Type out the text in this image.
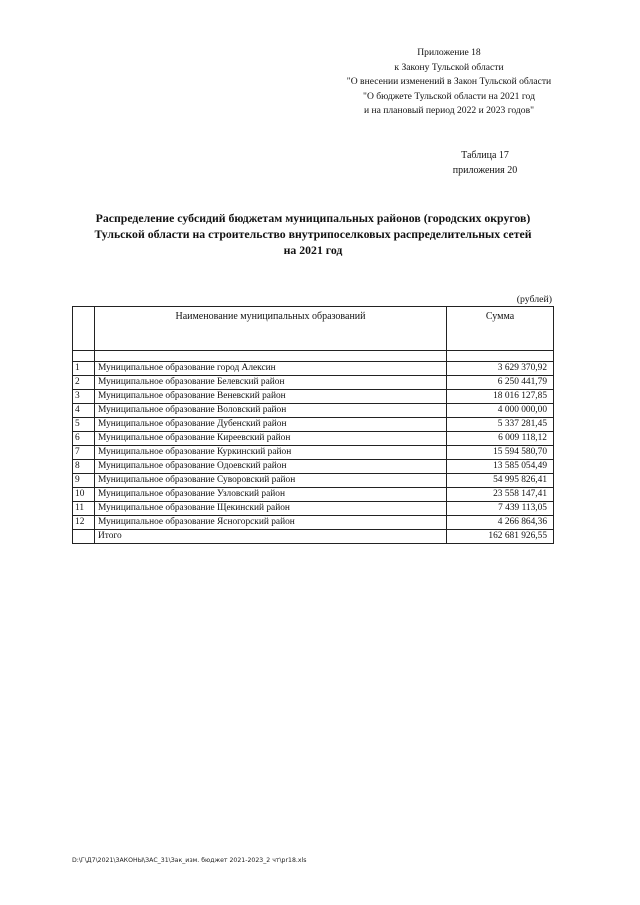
Приложение 18
к Закону Тульской области
"О внесении изменений в Закон Тульской области
"О бюджете Тульской области на 2021 год
и на плановый период 2022 и 2023 годов"
Таблица 17
приложения 20
Распределение субсидий бюджетам муниципальных районов (городских округов)
Тульской области на строительство внутрипоселковых распределительных сетей
на 2021 год
(рублей)
	Наименование муниципальных образований	Сумма

1	Муниципальное образование город Алексин	3 629 370,92
2	Муниципальное образование Белевский район	6 250 441,79
3	Муниципальное образование Веневский район	18 016 127,85
4	Муниципальное образование Воловский район	4 000 000,00
5	Муниципальное образование Дубенский район	5 337 281,45
6	Муниципальное образование Киреевский район	6 009 118,12
7	Муниципальное образование Куркинский район	15 594 580,70
8	Муниципальное образование Одоевский район	13 585 054,49
9	Муниципальное образование Суворовский район	54 995 826,41
10	Муниципальное образование Узловский район	23 558 147,41
11	Муниципальное образование Щекинский район	7 439 113,05
12	Муниципальное образование Ясногорский район	4 266 864,36
	Итого	162 681 926,55
D:\Г\Д7\2021\ЗАКОНЫ\ЗАС_31\Зак_изм. бюджет 2021-2023_2 чт\pr18.xls
